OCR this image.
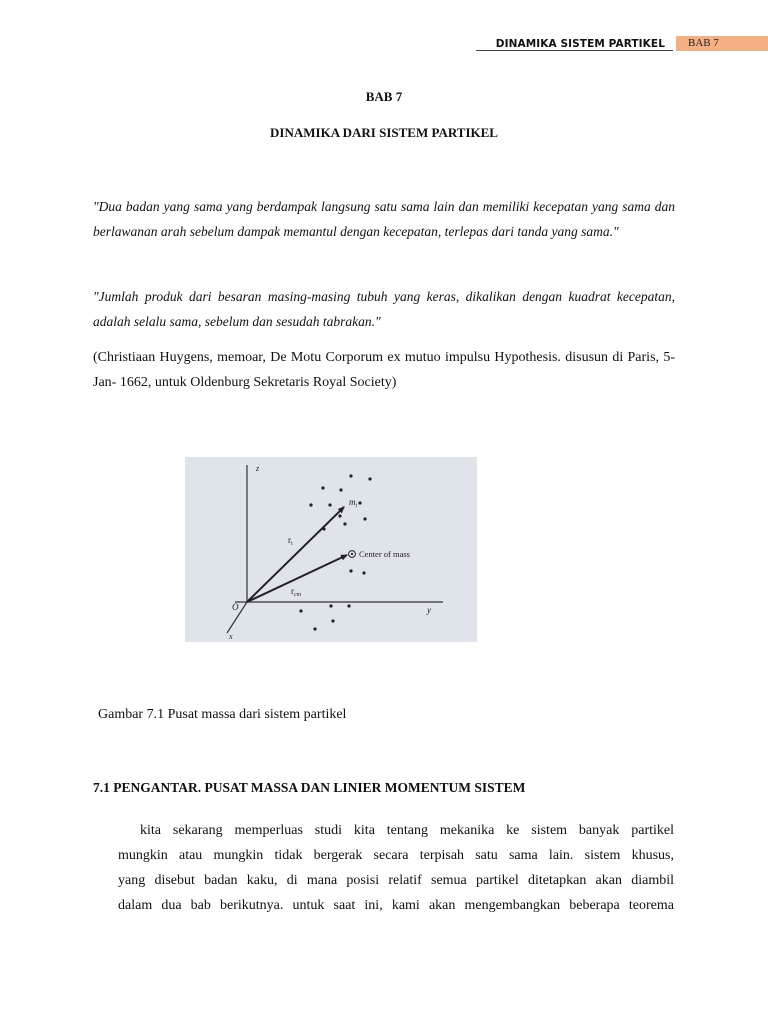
DINAMIKA SISTEM PARTIKEL	BAB 7
BAB 7
DINAMIKA DARI SISTEM PARTIKEL
"Dua badan yang sama yang berdampak langsung satu sama lain dan memiliki kecepatan yang sama dan berlawanan arah sebelum dampak memantul dengan kecepatan, terlepas dari tanda yang sama."
"Jumlah produk dari besaran masing-masing tubuh yang keras, dikalikan dengan kuadrat kecepatan, adalah selalu sama, sebelum dan sesudah tabrakan."
(Christiaan Huygens, memoar, De Motu Corporum ex mutuo impulsu Hypothesis. disusun di Paris, 5-Jan- 1662, untuk Oldenburg Sekretaris Royal Society)
z
y
x
O
$m_i$
$r_i$
$r_{cm}$
Center of mass
Gambar 7.1 Pusat massa dari sistem partikel
7.1 PENGANTAR. PUSAT MASSA DAN LINIER MOMENTUM SISTEM
kita sekarang memperluas studi kita tentang mekanika ke sistem banyak partikel
mungkin atau mungkin tidak bergerak secara terpisah satu sama lain. sistem khusus,
yang disebut badan kaku, di mana posisi relatif semua partikel ditetapkan akan diambil
dalam dua bab berikutnya. untuk saat ini, kami akan mengembangkan beberapa teorema
